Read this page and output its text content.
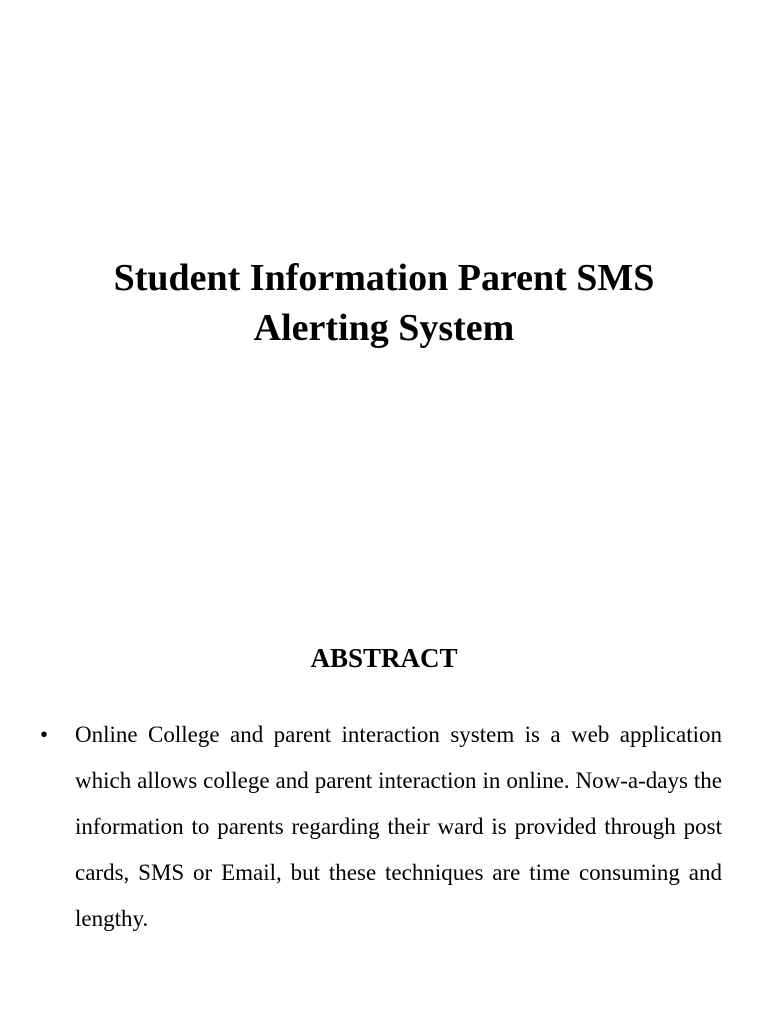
Student Information Parent SMS
Alerting System
ABSTRACT
• Online College and parent interaction system is a web application which allows college and parent interaction in online. Now-a-days the information to parents regarding their ward is provided through post cards, SMS or Email, but these techniques are time consuming and lengthy.
